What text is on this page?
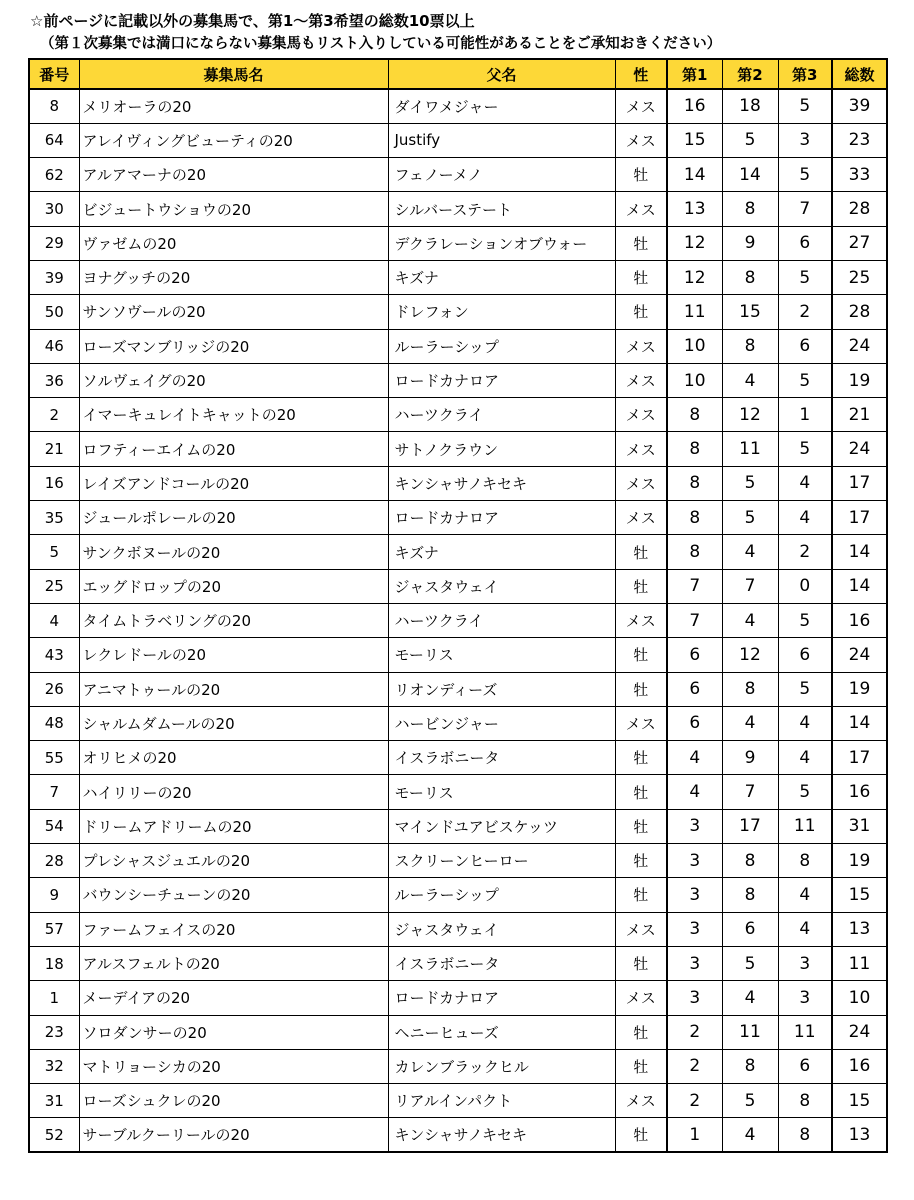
☆前ページに記載以外の募集馬で、第1～第3希望の総数10票以上
（第１次募集では満口にならない募集馬もリスト入りしている可能性があることをご承知おきください）
番号	募集馬名	父名	性	第1	第2	第3	総数
8	メリオーラの20	ダイワメジャー	メス	16	18	5	39
64	アレイヴィングビューティの20	Justify	メス	15	5	3	23
62	アルアマーナの20	フェノーメノ	牡	14	14	5	33
30	ビジュートウショウの20	シルバーステート	メス	13	8	7	28
29	ヴァゼムの20	デクラレーションオブウォー	牡	12	9	6	27
39	ヨナグッチの20	キズナ	牡	12	8	5	25
50	サンソヴールの20	ドレフォン	牡	11	15	2	28
46	ローズマンブリッジの20	ルーラーシップ	メス	10	8	6	24
36	ソルヴェイグの20	ロードカナロア	メス	10	4	5	19
2	イマーキュレイトキャットの20	ハーツクライ	メス	8	12	1	21
21	ロフティーエイムの20	サトノクラウン	メス	8	11	5	24
16	レイズアンドコールの20	キンシャサノキセキ	メス	8	5	4	17
35	ジュールポレールの20	ロードカナロア	メス	8	5	4	17
5	サンクボヌールの20	キズナ	牡	8	4	2	14
25	エッグドロップの20	ジャスタウェイ	牡	7	7	0	14
4	タイムトラベリングの20	ハーツクライ	メス	7	4	5	16
43	レクレドールの20	モーリス	牡	6	12	6	24
26	アニマトゥールの20	リオンディーズ	牡	6	8	5	19
48	シャルムダムールの20	ハービンジャー	メス	6	4	4	14
55	オリヒメの20	イスラボニータ	牡	4	9	4	17
7	ハイリリーの20	モーリス	牡	4	7	5	16
54	ドリームアドリームの20	マインドユアビスケッツ	牡	3	17	11	31
28	プレシャスジュエルの20	スクリーンヒーロー	牡	3	8	8	19
9	バウンシーチューンの20	ルーラーシップ	牡	3	8	4	15
57	ファームフェイスの20	ジャスタウェイ	メス	3	6	4	13
18	アルスフェルトの20	イスラボニータ	牡	3	5	3	11
1	メーデイアの20	ロードカナロア	メス	3	4	3	10
23	ソロダンサーの20	ヘニーヒューズ	牡	2	11	11	24
32	マトリョーシカの20	カレンブラックヒル	牡	2	8	6	16
31	ローズシュクレの20	リアルインパクト	メス	2	5	8	15
52	サーブルクーリールの20	キンシャサノキセキ	牡	1	4	8	13
